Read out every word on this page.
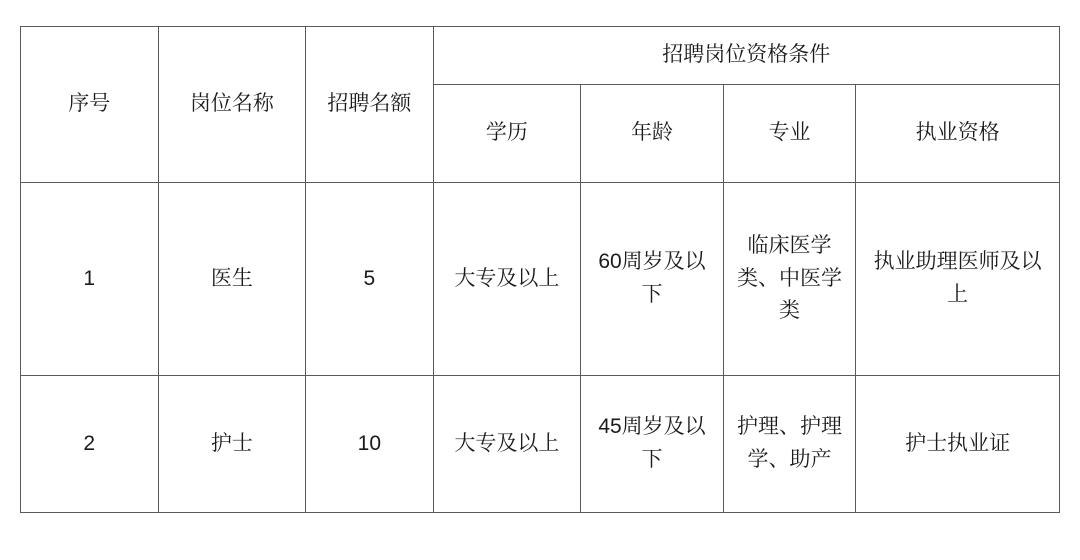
序号	岗位名称	招聘名额	招聘岗位资格条件			
			学历	年龄	专业	执业资格
1	医生	5	大专及以上	60周岁及以下	临床医学类、中医学类	执业助理医师及以上
2	护士	10	大专及以上	45周岁及以下	护理、护理学、助产	护士执业证
